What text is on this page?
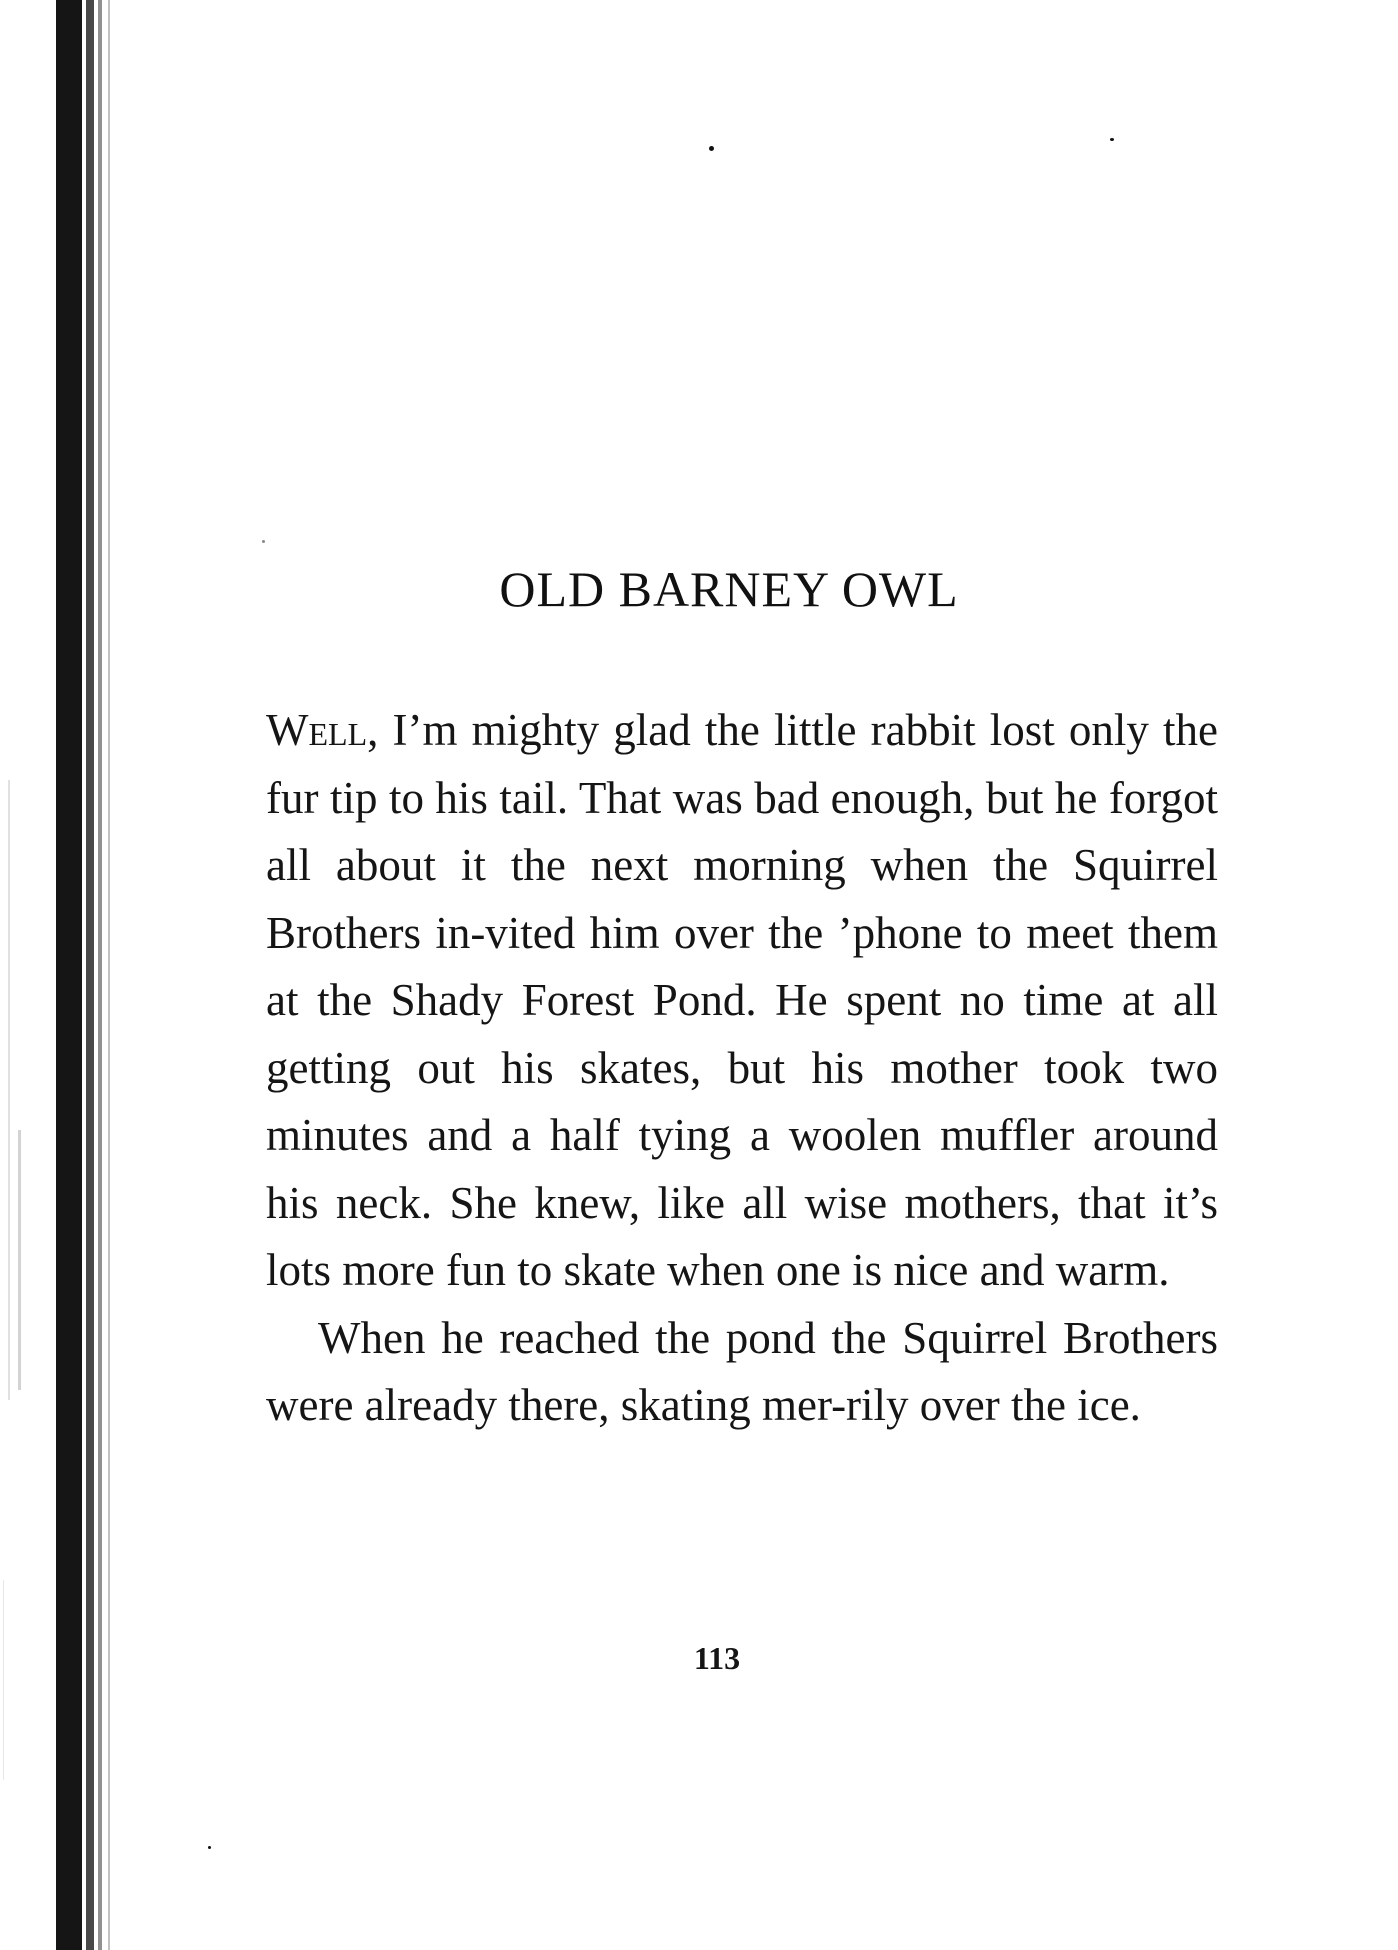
OLD BARNEY OWL

Well, I’m mighty glad the little rabbit lost only the fur tip to his tail. That was bad enough, but he forgot all about it the next morning when the Squirrel Brothers in-vited him over the ’phone to meet them at the Shady Forest Pond. He spent no time at all getting out his skates, but his mother took two minutes and a half tying a woolen muffler around his neck. She knew, like all wise mothers, that it’s lots more fun to skate when one is nice and warm.

When he reached the pond the Squirrel Brothers were already there, skating mer-rily over the ice.

113
